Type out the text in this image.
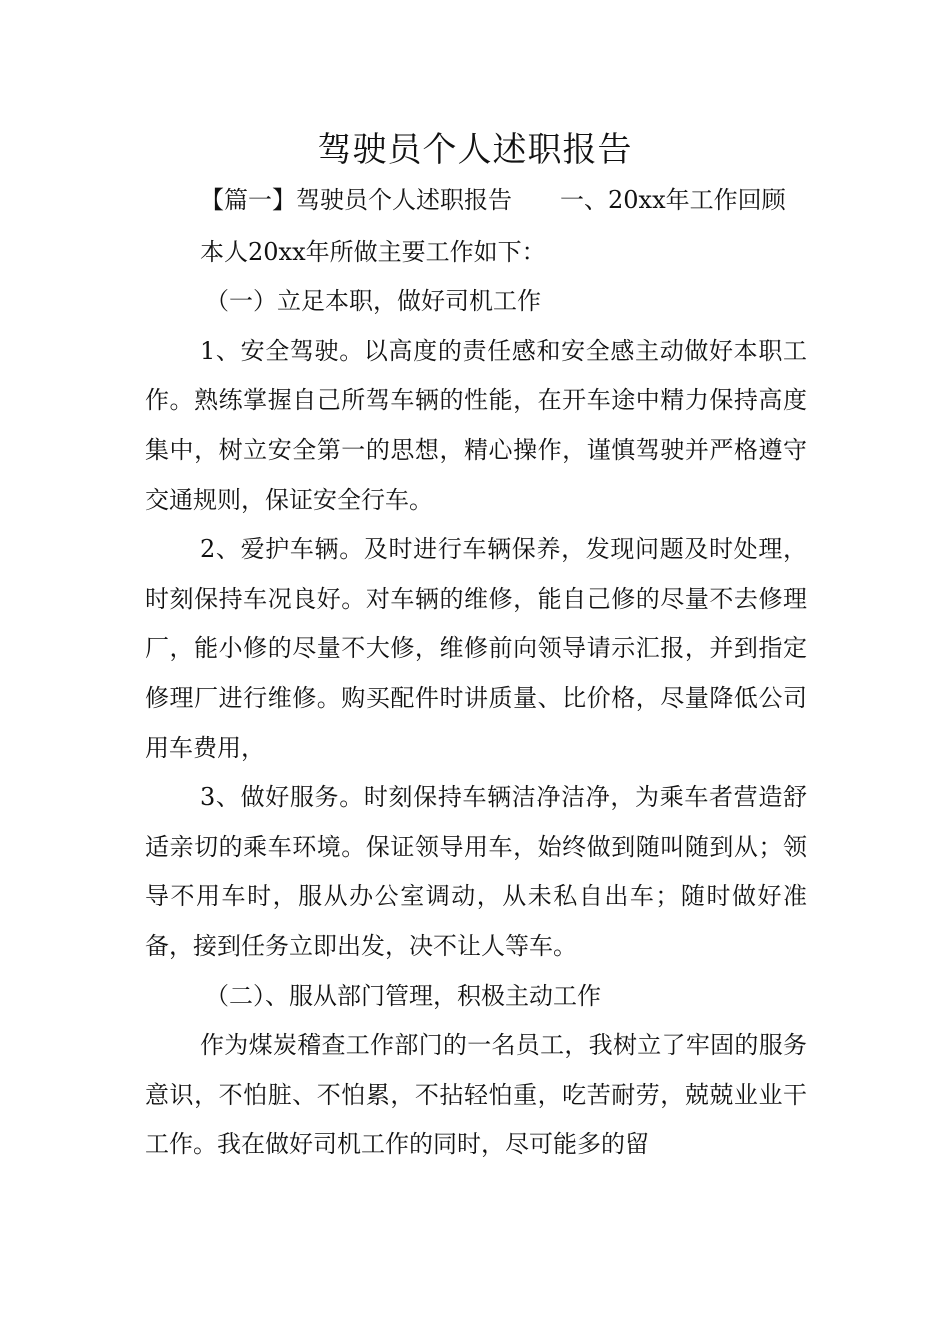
驾驶员个人述职报告

【篇一】驾驶员个人述职报告　　一、20xx年工作回顾

本人20xx年所做主要工作如下：

（一）立足本职，做好司机工作

1、安全驾驶。以高度的责任感和安全感主动做好本职工作。熟练掌握自己所驾车辆的性能，在开车途中精力保持高度集中，树立安全第一的思想，精心操作，谨慎驾驶并严格遵守交通规则，保证安全行车。

2、爱护车辆。及时进行车辆保养，发现问题及时处理，时刻保持车况良好。对车辆的维修，能自己修的尽量不去修理厂，能小修的尽量不大修，维修前向领导请示汇报，并到指定修理厂进行维修。购买配件时讲质量、比价格，尽量降低公司用车费用，

3、做好服务。时刻保持车辆洁净洁净，为乘车者营造舒适亲切的乘车环境。保证领导用车，始终做到随叫随到从；领导不用车时，服从办公室调动，从未私自出车；随时做好准备，接到任务立即出发，决不让人等车。

（二）、服从部门管理，积极主动工作

作为煤炭稽查工作部门的一名员工，我树立了牢固的服务意识，不怕脏、不怕累，不拈轻怕重，吃苦耐劳，兢兢业业干工作。我在做好司机工作的同时，尽可能多的留
